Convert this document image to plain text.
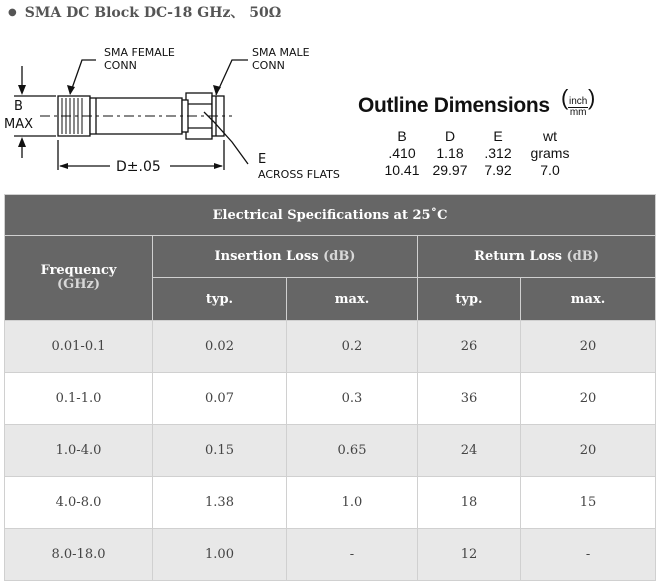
● SMA DC Block DC-18 GHz、 50Ω
SMA FEMALE
CONN
SMA MALE
CONN
B
MAX
D±.05	E
ACROSS FLATS
Outline Dimensions ( inch
mm
)
B	D	E	wt
.410	1.18	.312	grams
10.41 29.97	7.92	7.0
Electrical Specifications at 25˚C				

Frequency
(GHz)	Insertion Loss (dB)		Return Loss (dB)	
	typ.	max.	typ.	max.
0.01-0.1	0.02	0.2	26	20
0.1-1.0	0.07	0.3	36	20
1.0-4.0	0.15	0.65	24	20
4.0-8.0	1.38	1.0	18	15
8.0-18.0	1.00	-	12	-
